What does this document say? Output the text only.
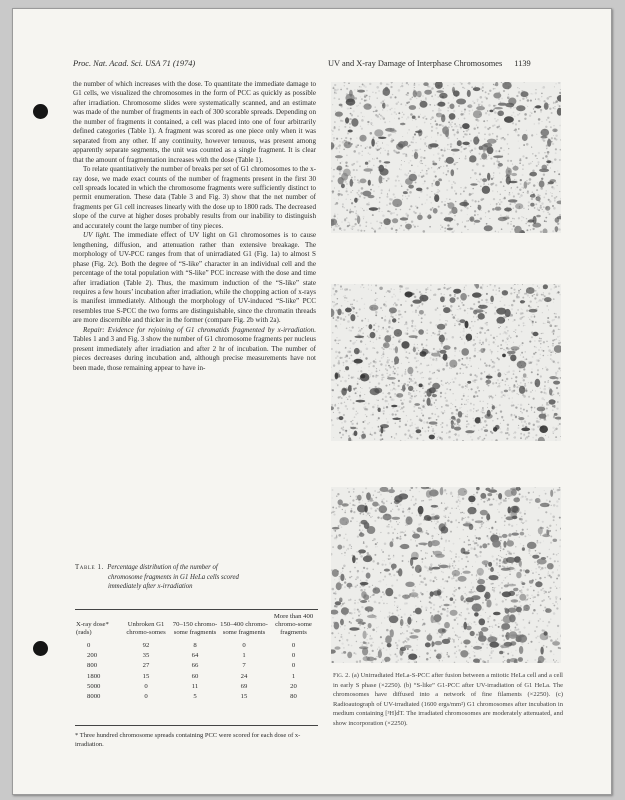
Proc. Nat. Acad. Sci. USA 71 (1974)	UV and X-ray Damage of Interphase Chromosomes 1139

the number of which increases with the dose. To quantitate the immediate damage to G1 cells, we visualized the chromosomes in the form of PCC as quickly as possible after irradiation. Chromosome slides were systematically scanned, and an estimate was made of the number of fragments in each of 300 scorable spreads. Depending on the number of fragments it contained, a cell was placed into one of four arbitrarily defined categories (Table 1). A fragment was scored as one piece only when it was separated from any other. If any continuity, however tenuous, was present among apparently separate segments, the unit was counted as a single fragment. It is clear that the amount of fragmentation increases with the dose (Table 1).

To relate quantitatively the number of breaks per set of G1 chromosomes to the x-ray dose, we made exact counts of the number of fragments present in the first 30 cell spreads located in which the chromosome fragments were sufficiently distinct to permit enumeration. These data (Table 3 and Fig. 3) show that the net number of fragments per G1 cell increases linearly with the dose up to 1800 rads. The decreased slope of the curve at higher doses probably results from our inability to distinguish and accurately count the large number of tiny pieces.

UV light. The immediate effect of UV light on G1 chromosomes is to cause lengthening, diffusion, and attenuation rather than extensive breakage. The morphology of UV-PCC ranges from that of unirradiated G1 (Fig. 1a) to almost S phase (Fig. 2c). Both the degree of “S-like” character in an individual cell and the percentage of the total population with “S-like” PCC increase with the dose and time after irradiation (Table 2). Thus, the maximum induction of the “S-like” state requires a few hours’ incubation after irradiation, while the chopping action of x-rays is manifest immediately. Although the morphology of UV-induced “S-like” PCC resembles true S-PCC the two forms are distinguishable, since the chromatin threads are more discernible and thicker in the former (compare Fig. 2b with 2a).

Repair: Evidence for rejoining of G1 chromatids fragmented by x-irradiation. Tables 1 and 3 and Fig. 3 show the number of G1 chromosome fragments per nucleus present immediately after irradiation and after 2 hr of incubation. The number of pieces decreases during incubation and, although precise measurements have not been made, those remaining appear to have in-

Fig. 2. (a) Unirradiated HeLa-S-PCC after fusion between a mitotic HeLa cell and a cell in early S phase (×2250). (b) “S-like” G1-PCC after UV-irradiation of G1 HeLa. The chromosomes have diffused into a network of fine filaments (×2250). (c) Radioautograph of UV-irradiated (1600 ergs/mm²) G1 chromosomes after incubation in medium containing [³H]dT. The irradiated chromosomes are moderately attenuated, and show incorporation (×2250).
Table 1. Percentage distribution of the number of
chromosome fragments in G1 HeLa cells scored
immediately after x-irradiation
X-ray dose* (rads)	Unbroken G1 chromo-somes	70–150 chromo-some fragments	150–400 chromo-some fragments	More than 400 chromo-some fragments
0	92	8	0	0
200	35	64	1	0
800	27	66	7	0
1800	15	60	24	1
5000	0	11	69	20
8000	0	5	15	80
* Three hundred chromosome spreads containing PCC were scored for each dose of x-irradiation.
